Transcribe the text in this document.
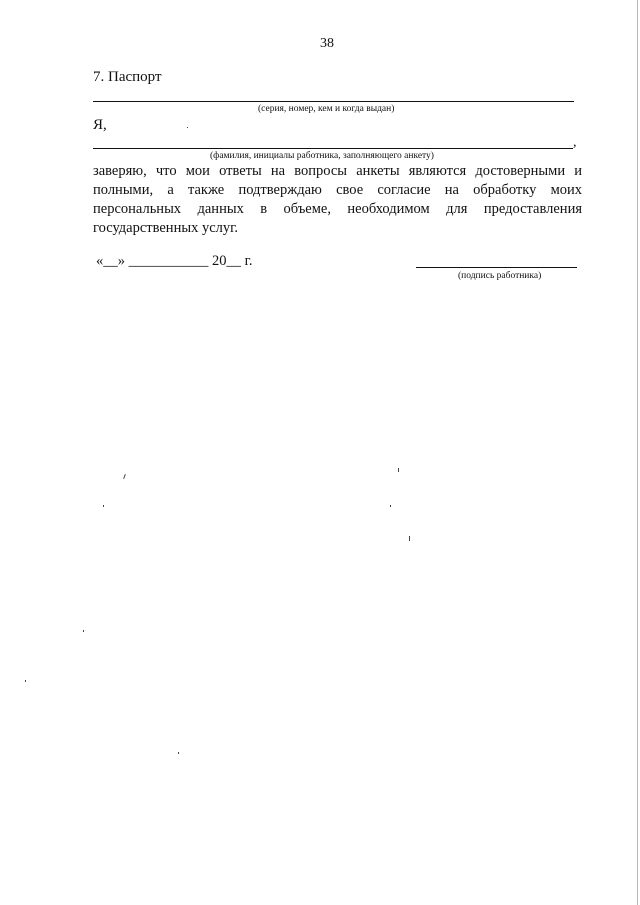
38
7. Паспорт
(серия, номер, кем и когда выдан)
Я,
,
(фамилия, инициалы работника, заполняющего анкету)
заверяю, что мои ответы на вопросы анкеты являются достоверными и
полными, а также подтверждаю свое согласие на обработку моих
персональных данных в объеме, необходимом для предоставления
государственных услуг.
«__» ___________ 20__ г.
(подпись работника)
